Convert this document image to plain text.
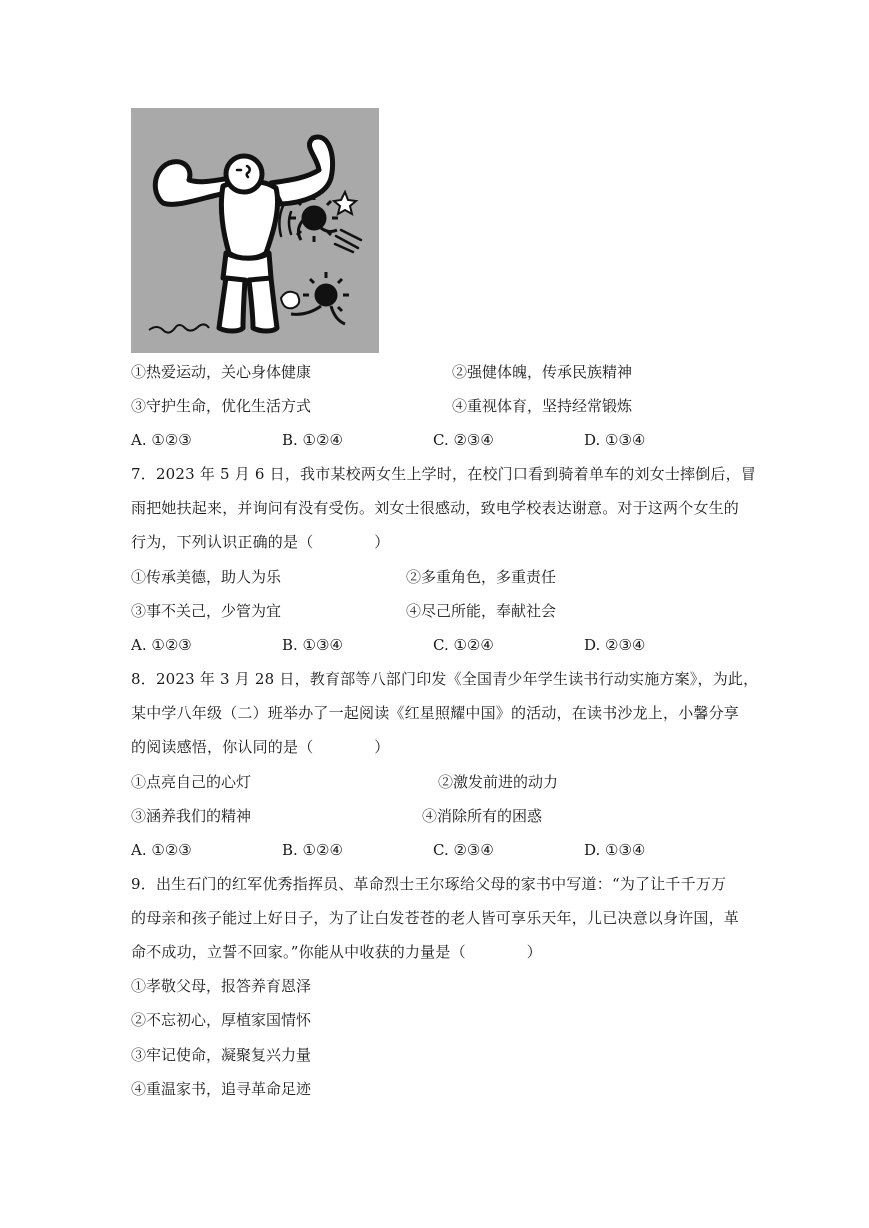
①热爱运动，关心身体健康	②强健体魄，传承民族精神
③守护生命，优化生活方式	④重视体育，坚持经常锻炼
A. ①②③	B. ①②④	C. ②③④	D. ①③④
7．2023 年 5 月 6 日，我市某校两女生上学时，在校门口看到骑着单车的刘女士摔倒后，冒
雨把她扶起来，并询问有没有受伤。刘女士很感动，致电学校表达谢意。对于这两个女生的
行为，下列认识正确的是（　　　　）
①传承美德，助人为乐	②多重角色，多重责任
③事不关己，少管为宜	④尽己所能，奉献社会
A. ①②③	B. ①③④	C. ①②④	D. ②③④
8．2023 年 3 月 28 日，教育部等八部门印发《全国青少年学生读书行动实施方案》，为此，
某中学八年级（二）班举办了一起阅读《红星照耀中国》的活动，在读书沙龙上，小馨分享
的阅读感悟，你认同的是（　　　　）
①点亮自己的心灯	②激发前进的动力
③涵养我们的精神	④消除所有的困惑
A. ①②③	B. ①②④	C. ②③④	D. ①③④
9．出生石门的红军优秀指挥员、革命烈士王尔琢给父母的家书中写道：“为了让千千万万
的母亲和孩子能过上好日子，为了让白发苍苍的老人皆可享乐天年，儿已决意以身许国，革
命不成功，立誓不回家。”你能从中收获的力量是（　　　　）
①孝敬父母，报答养育恩泽
②不忘初心，厚植家国情怀
③牢记使命，凝聚复兴力量
④重温家书，追寻革命足迹
